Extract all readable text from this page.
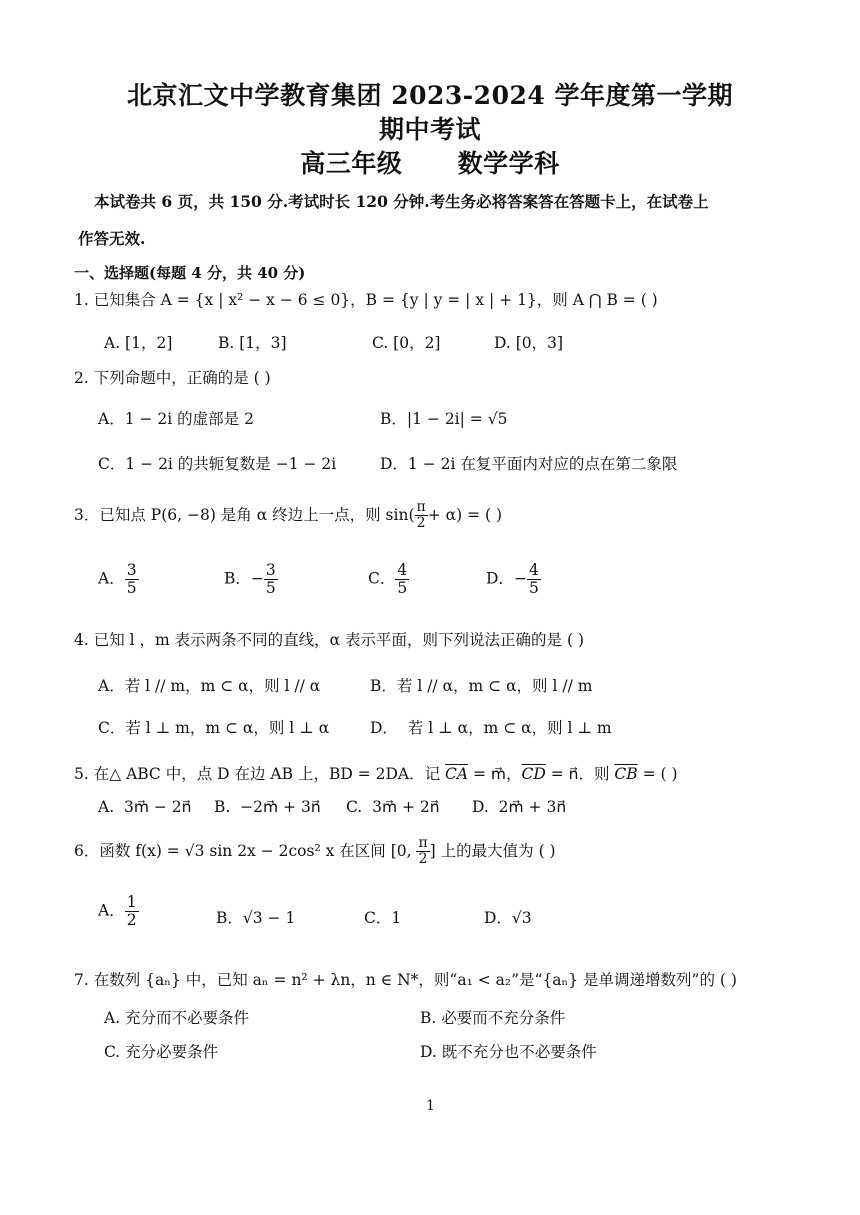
北京汇文中学教育集团 2023-2024 学年度第一学期
期中考试
高三年级      数学学科
本试卷共 6 页，共 150 分.考试时长 120 分钟.考生务必将答案答在答题卡上，在试卷上
作答无效.
一、选择题(每题 4 分，共 40 分)
1. 已知集合 A = {x | x² − x − 6 ≤ 0}，B = {y | y = | x | + 1}，则 A ⋂ B = ( )
A. [1，2]	B. [1，3]	C. [0，2]	D. [0，3]
2. 下列命题中，正确的是 ( )
A．1 − 2i 的虚部是 2	B．|1 − 2i| = √5
C．1 − 2i 的共轭复数是 −1 − 2i	D．1 − 2i 在复平面内对应的点在第二象限
3．已知点 P(6, −8) 是角 α 终边上一点，则 $\sin( \frac{\pi}{2} + \alpha)$ = ( )
A． $\frac{3}{5}$	B．− $\frac{3}{5}$	C． $\frac{4}{5}$	D．− $\frac{4}{5}$
4. 已知 l ，m 表示两条不同的直线，α 表示平面，则下列说法正确的是 ( )
A．若 l // m，m ⊂ α，则 l // α	B．若 l // α，m ⊂ α，则 l // m
C．若 l ⊥ m，m ⊂ α，则 l ⊥ α	D．  若 l ⊥ α，m ⊂ α，则 l ⊥ m
5. 在△ ABC 中，点 D 在边 AB 上，BD = 2DA．记 $\overline{CA}$ = m⃗，$\overline{CD}$ = n⃗．则 $\overline{CB}$ = ( )
A.  3m⃗ − 2n⃗ B.  −2m⃗ + 3n⃗ C.  3m⃗ + 2n⃗ D.  2m⃗ + 3n⃗
6．函数 f(x) = √3 sin 2x − 2cos² x 在区间 [0, $\frac{\pi}{2}$ ] 上的最大值为 ( )
A． $\frac{1}{2}$	B．√3 − 1	C．1	D．√3
7. 在数列 {aₙ} 中，已知 aₙ = n² + λn，n ∈ N*，则“a₁ < a₂”是“{aₙ} 是单调递增数列”的 ( )
A. 充分而不必要条件	B. 必要而不充分条件
C. 充分必要条件	D. 既不充分也不必要条件
1
